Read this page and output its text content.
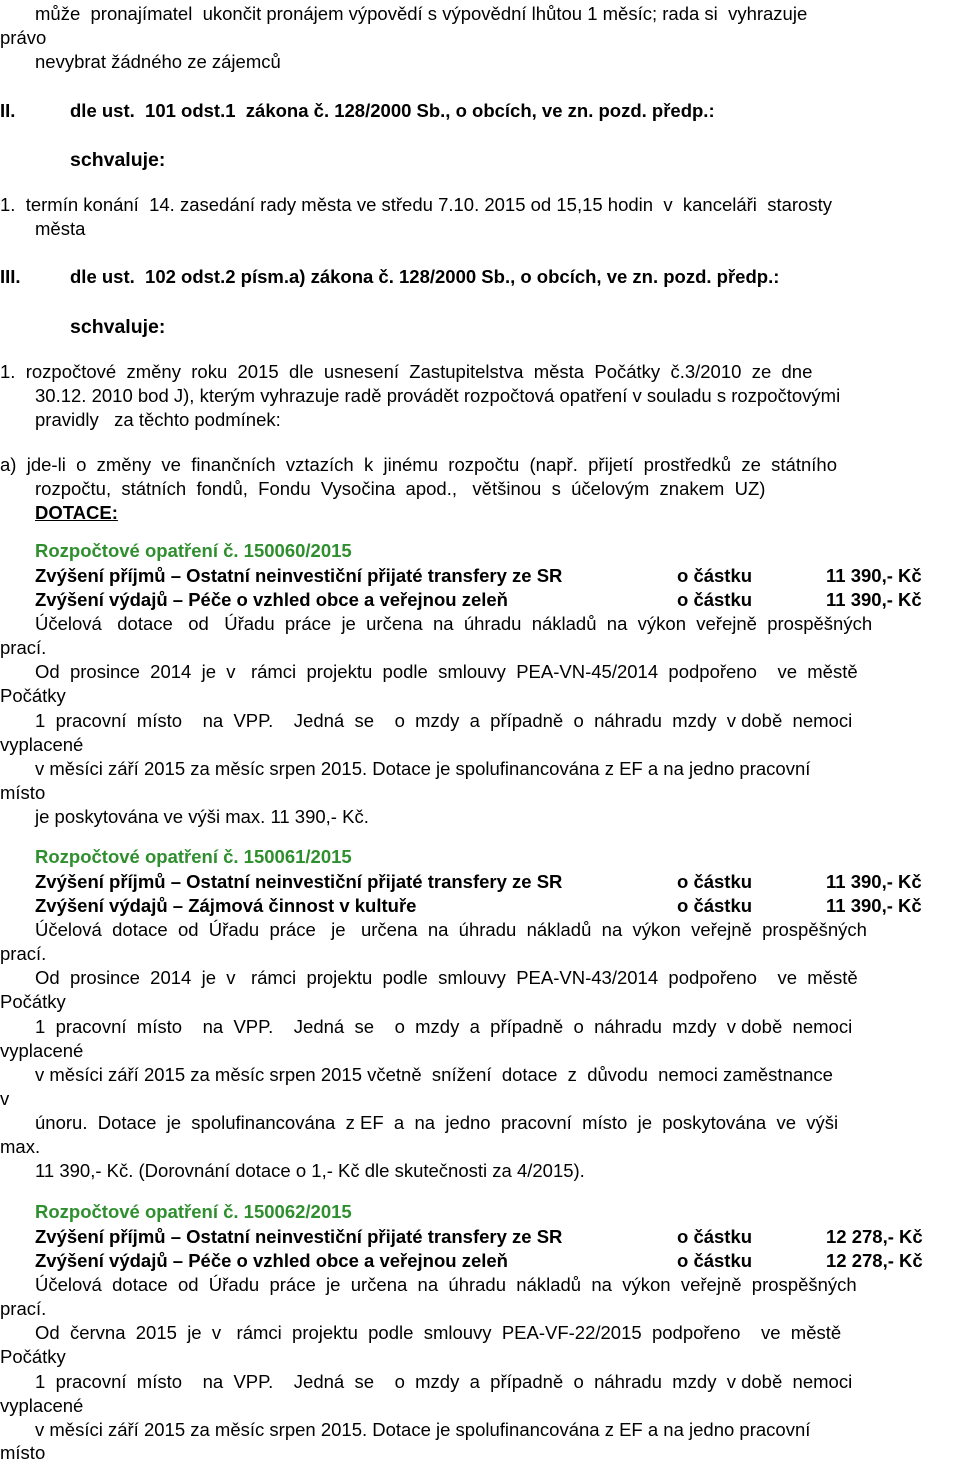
může  pronajímatel  ukončit pronájem výpovědí s výpovědní lhůtou 1 měsíc; rada si  vyhrazuje
právo
nevybrat žádného ze zájemců
II.	dle ust.  101 odst.1  zákona č. 128/2000 Sb., o obcích, ve zn. pozd. předp.:
schvaluje:
1.  termín konání  14. zasedání rady města ve středu 7.10. 2015 od 15,15 hodin  v  kanceláři  starosty
města
III.	dle ust.  102 odst.2 písm.a) zákona č. 128/2000 Sb., o obcích, ve zn. pozd. předp.:
schvaluje:
1.  rozpočtové  změny  roku  2015  dle  usnesení  Zastupitelstva  města  Počátky  č.3/2010  ze  dne
30.12. 2010 bod J), kterým vyhrazuje radě provádět rozpočtová opatření v souladu s rozpočtovými
pravidly   za těchto podmínek:
a)  jde-li  o  změny  ve  finančních  vztazích  k  jinému  rozpočtu  (např.  přijetí  prostředků  ze  státního
rozpočtu,  státních  fondů,  Fondu  Vysočina  apod.,   většinou  s  účelovým  znakem  UZ)
DOTACE:
Rozpočtové opatření č. 150060/2015
Zvýšení příjmů – Ostatní neinvestiční přijaté transfery ze SR	o částku	11 390,- Kč
Zvýšení výdajů – Péče o vzhled obce a veřejnou zeleň	o částku	11 390,- Kč
Účelová   dotace   od   Úřadu  práce  je  určena  na  úhradu  nákladů  na  výkon  veřejně  prospěšných
prací.
Od  prosince  2014  je  v   rámci  projektu  podle  smlouvy  PEA-VN-45/2014  podpořeno    ve  městě
Počátky
1  pracovní  místo    na  VPP.    Jedná  se    o  mzdy  a  případně  o  náhradu  mzdy  v době  nemoci
vyplacené
v měsíci září 2015 za měsíc srpen 2015. Dotace je spolufinancována z EF a na jedno pracovní
místo
je poskytována ve výši max. 11 390,- Kč.
Rozpočtové opatření č. 150061/2015
Zvýšení příjmů – Ostatní neinvestiční přijaté transfery ze SR	o částku	11 390,- Kč
Zvýšení výdajů – Zájmová činnost v kultuře	o částku	11 390,- Kč
Účelová  dotace  od  Úřadu  práce   je   určena  na  úhradu  nákladů  na  výkon  veřejně  prospěšných
prací.
Od  prosince  2014  je  v   rámci  projektu  podle  smlouvy  PEA-VN-43/2014  podpořeno    ve  městě
Počátky
1  pracovní  místo    na  VPP.    Jedná  se    o  mzdy  a  případně  o  náhradu  mzdy  v době  nemoci
vyplacené
v měsíci září 2015 za měsíc srpen 2015 včetně  snížení  dotace  z  důvodu  nemoci zaměstnance
v
únoru.  Dotace  je  spolufinancována  z EF  a  na  jedno  pracovní  místo  je  poskytována  ve  výši
max.
11 390,- Kč. (Dorovnání dotace o 1,- Kč dle skutečnosti za 4/2015).
Rozpočtové opatření č. 150062/2015
Zvýšení příjmů – Ostatní neinvestiční přijaté transfery ze SR	o částku	12 278,- Kč
Zvýšení výdajů – Péče o vzhled obce a veřejnou zeleň	o částku	12 278,- Kč
Účelová  dotace  od  Úřadu  práce  je  určena  na  úhradu  nákladů  na  výkon  veřejně  prospěšných
prací.
Od  června  2015  je  v   rámci  projektu  podle  smlouvy  PEA-VF-22/2015  podpořeno    ve  městě
Počátky
1  pracovní  místo    na  VPP.    Jedná  se    o  mzdy  a  případně  o  náhradu  mzdy  v době  nemoci
vyplacené
v měsíci září 2015 za měsíc srpen 2015. Dotace je spolufinancována z EF a na jedno pracovní
místo
